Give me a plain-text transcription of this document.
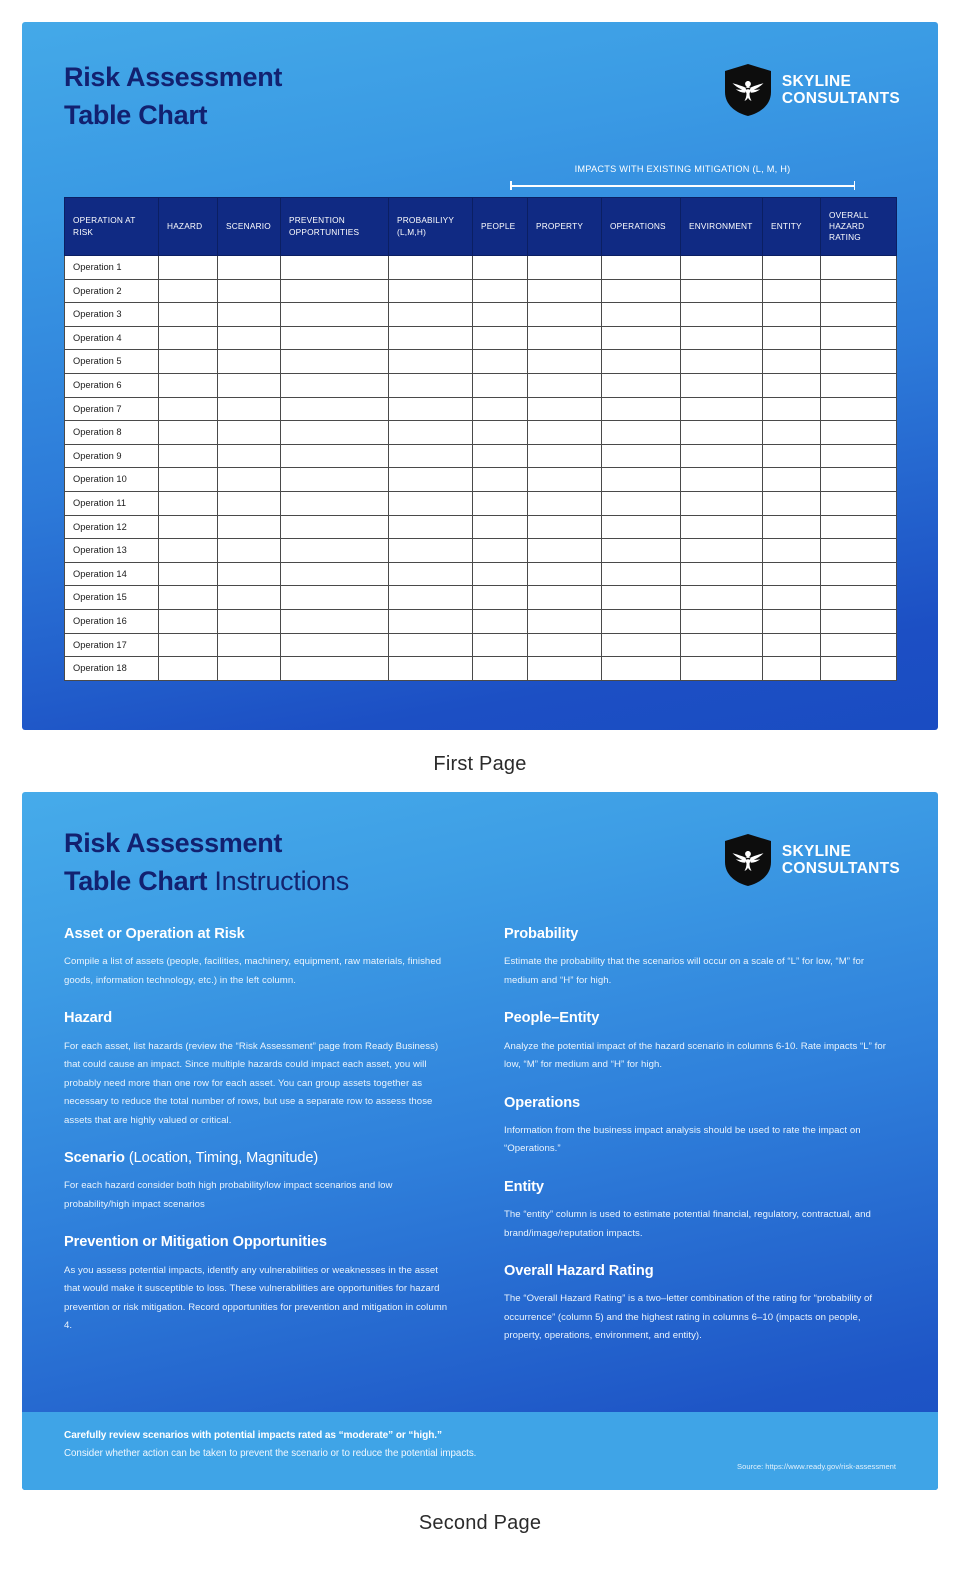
Risk Assessment
Table Chart
SKYLINE
CONSULTANTS
IMPACTS WITH EXISTING MITIGATION (L, M, H)
OPERATION AT RISK	HAZARD	SCENARIO	PREVENTION OPPORTUNITIES	PROBABILIYY (L,M,H)	PEOPLE	PROPERTY	OPERATIONS	ENVIRONMENT	ENTITY	OVERALL HAZARD RATING
Operation 1										
Operation 2										
Operation 3										
Operation 4										
Operation 5										
Operation 6										
Operation 7										
Operation 8										
Operation 9										
Operation 10										
Operation 11										
Operation 12										
Operation 13										
Operation 14										
Operation 15										
Operation 16										
Operation 17										
Operation 18										
First Page
Risk Assessment
Table Chart Instructions
SKYLINE
CONSULTANTS
Asset or Operation at Risk

Compile a list of assets (people, facilities, machinery, equipment, raw materials, finished goods, information technology, etc.) in the left column.

Hazard

For each asset, list hazards (review the “Risk Assessment” page from Ready Business) that could cause an impact. Since multiple hazards could impact each asset, you will probably need more than one row for each asset. You can group assets together as necessary to reduce the total number of rows, but use a separate row to assess those assets that are highly valued or critical.

Scenario (Location, Timing, Magnitude)

For each hazard consider both high probability/low impact scenarios and low probability/high impact scenarios

Prevention or Mitigation Opportunities

As you assess potential impacts, identify any vulnerabilities or weaknesses in the asset that would make it susceptible to loss. These vulnerabilities are opportunities for hazard prevention or risk mitigation. Record opportunities for prevention and mitigation in column 4.

Probability

Estimate the probability that the scenarios will occur on a scale of “L” for low, “M” for medium and “H” for high.

People–Entity

Analyze the potential impact of the hazard scenario in columns 6-10. Rate impacts “L” for low, “M” for medium and “H” for high.

Operations

Information from the business impact analysis should be used to rate the impact on “Operations.”

Entity

The “entity” column is used to estimate potential financial, regulatory, contractual, and brand/image/reputation impacts.

Overall Hazard Rating

The “Overall Hazard Rating” is a two–letter combination of the rating for “probability of occurrence” (column 5) and the highest rating in columns 6–10 (impacts on people, property, operations, environment, and entity).

Carefully review scenarios with potential impacts rated as “moderate” or “high.”
Consider whether action can be taken to prevent the scenario or to reduce the potential impacts.
Source: https://www.ready.gov/risk-assessment
Second Page
